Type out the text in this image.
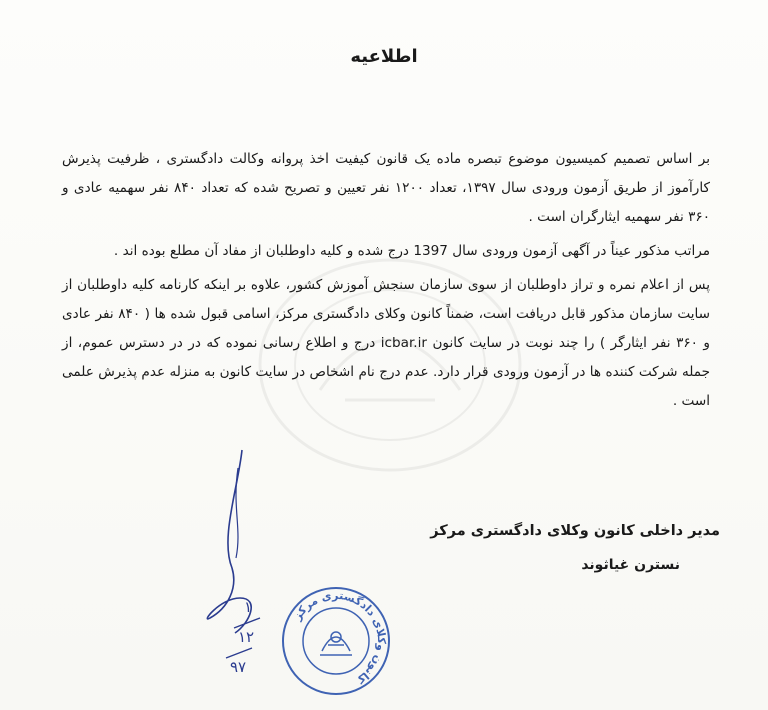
اطلاعیه

بر اساس تصمیم کمیسیون موضوع تبصره ماده یک قانون کیفیت اخذ پروانه وکالت دادگستری ، ظرفیت پذیرش کارآموز از طریق آزمون ورودی سال ۱۳۹۷، تعداد ۱۲۰۰ نفر تعیین و تصریح شده که تعداد ۸۴۰ نفر سهمیه عادی و ۳۶۰ نفر سهمیه ایثارگران است .

مراتب مذکور عیناً در آگهی آزمون ورودی سال 1397 درج شده و کلیه داوطلبان از مفاد آن مطلع بوده اند .

پس از اعلام نمره و تراز داوطلبان از سوی سازمان سنجش آموزش کشور، علاوه بر اینکه کارنامه کلیه داوطلبان از سایت سازمان مذکور قابل دریافت است، ضمناً کانون وکلای دادگستری مرکز، اسامی قبول شده ها ( ۸۴۰ نفر عادی و ۳۶۰ نفر ایثارگر ) را چند نوبت در سایت کانون icbar.ir درج و اطلاع رسانی نموده که در در دسترس عموم، از جمله شرکت کننده ها در آزمون ورودی قرار دارد. عدم درج نام اشخاص در سایت کانون به منزله عدم پذیرش علمی است .

مدیر داخلی کانون وکلای دادگستری مرکز
نسترن غیاثوند
۱
۱۲
۹۷
کانون وکلای دادگستری مرکز
